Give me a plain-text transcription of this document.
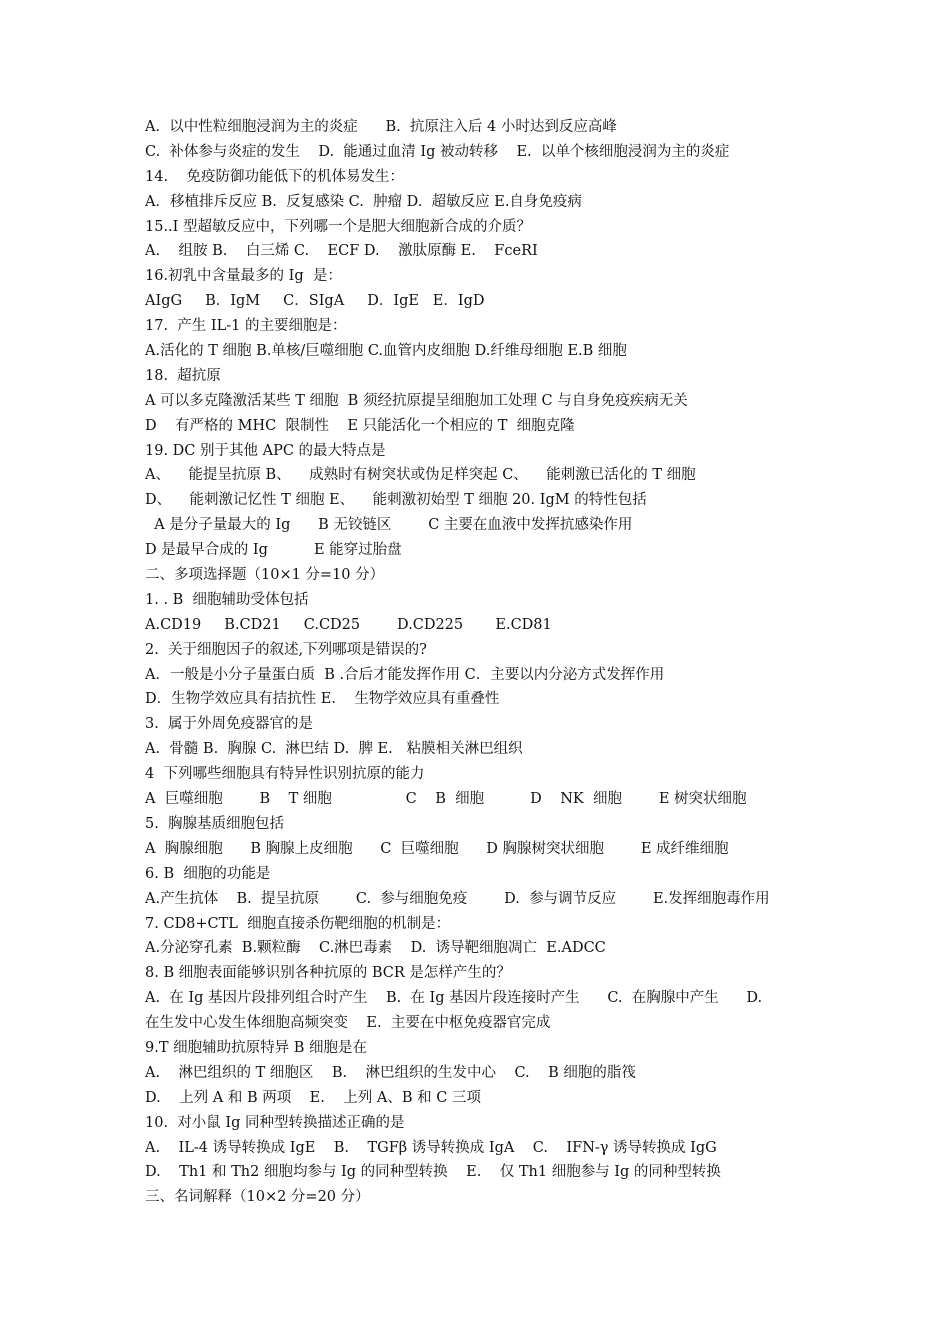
A.  以中性粒细胞浸润为主的炎症      B.  抗原注入后 4 小时达到反应高峰
C.  补体参与炎症的发生    D.  能通过血清 Ig 被动转移    E.  以单个核细胞浸润为主的炎症
14.    免疫防御功能低下的机体易发生：
A．移植排斥反应 B.  反复感染 C.  肿瘤 D.  超敏反应 E.自身免疫病
15..I 型超敏反应中，下列哪一个是肥大细胞新合成的介质？
A.    组胺 B.    白三烯 C.    ECF D.    激肽原酶 E.    FceRI
16.初乳中含量最多的 Ig  是：
AIgG     B．IgM     C．SIgA     D．IgE   E．IgD
17.  产生 IL-1 的主要细胞是：
A.活化的 T 细胞 B.单核/巨噬细胞 C.血管内皮细胞 D.纤维母细胞 E.B 细胞
18.  超抗原
A 可以多克隆激活某些 T 细胞  B 须经抗原提呈细胞加工处理 C 与自身免疫疾病无关
D    有严格的 MHC  限制性    E 只能活化一个相应的 T  细胞克隆
19. DC 别于其他 APC 的最大特点是
A、    能提呈抗原 B、    成熟时有树突状或伪足样突起 C、    能刺激已活化的 T 细胞
D、    能刺激记忆性 T 细胞 E、    能刺激初始型 T 细胞 20. IgM 的特性包括
A 是分子量最大的 Ig      B 无铰链区        C 主要在血液中发挥抗感染作用
D 是最早合成的 Ig          E 能穿过胎盘
二、多项选择题（10×1 分=10 分）
1. . B  细胞辅助受体包括
A.CD19     B.CD21     C.CD25        D.CD225       E.CD81
2.  关于细胞因子的叙述,下列哪项是错误的?
A．一般是小分子量蛋白质  B .合后才能发挥作用 C．主要以内分泌方式发挥作用
D．生物学效应具有拮抗性 E.    生物学效应具有重叠性
3.  属于外周免疫器官的是
A.  骨髓 B.  胸腺 C.  淋巴结 D.  脾 E.   粘膜相关淋巴组织
4  下列哪些细胞具有特异性识别抗原的能力
A  巨噬细胞        B    T 细胞                C    B  细胞          D    NK  细胞        E 树突状细胞
5.  胸腺基质细胞包括
A  胸腺细胞      B 胸腺上皮细胞      C  巨噬细胞      D 胸腺树突状细胞        E 成纤维细胞
6. B  细胞的功能是
A.产生抗体    B.  提呈抗原        C.  参与细胞免疫        D.  参与调节反应        E.发挥细胞毒作用
7. CD8+CTL  细胞直接杀伤靶细胞的机制是：
A.分泌穿孔素  B.颗粒酶    C.淋巴毒素    D.  诱导靶细胞凋亡  E.ADCC
8. B 细胞表面能够识别各种抗原的 BCR 是怎样产生的？
A.  在 Ig 基因片段排列组合时产生    B.  在 Ig 基因片段连接时产生      C.  在胸腺中产生      D.
在生发中心发生体细胞高频突变    E.  主要在中枢免疫器官完成
9.T 细胞辅助抗原特异 B 细胞是在
A.    淋巴组织的 T 细胞区    B.    淋巴组织的生发中心    C.    B 细胞的脂筏
D.    上列 A 和 B 两项    E.    上列 A、B 和 C 三项
10.  对小鼠 Ig 同种型转换描述正确的是
A.    IL-4 诱导转换成 IgE    B.    TGFβ 诱导转换成 IgA    C.    IFN-γ 诱导转换成 IgG
D.    Th1 和 Th2 细胞均参与 Ig 的同种型转换    E.    仅 Th1 细胞参与 Ig 的同种型转换
三、名词解释（10×2 分=20 分）
